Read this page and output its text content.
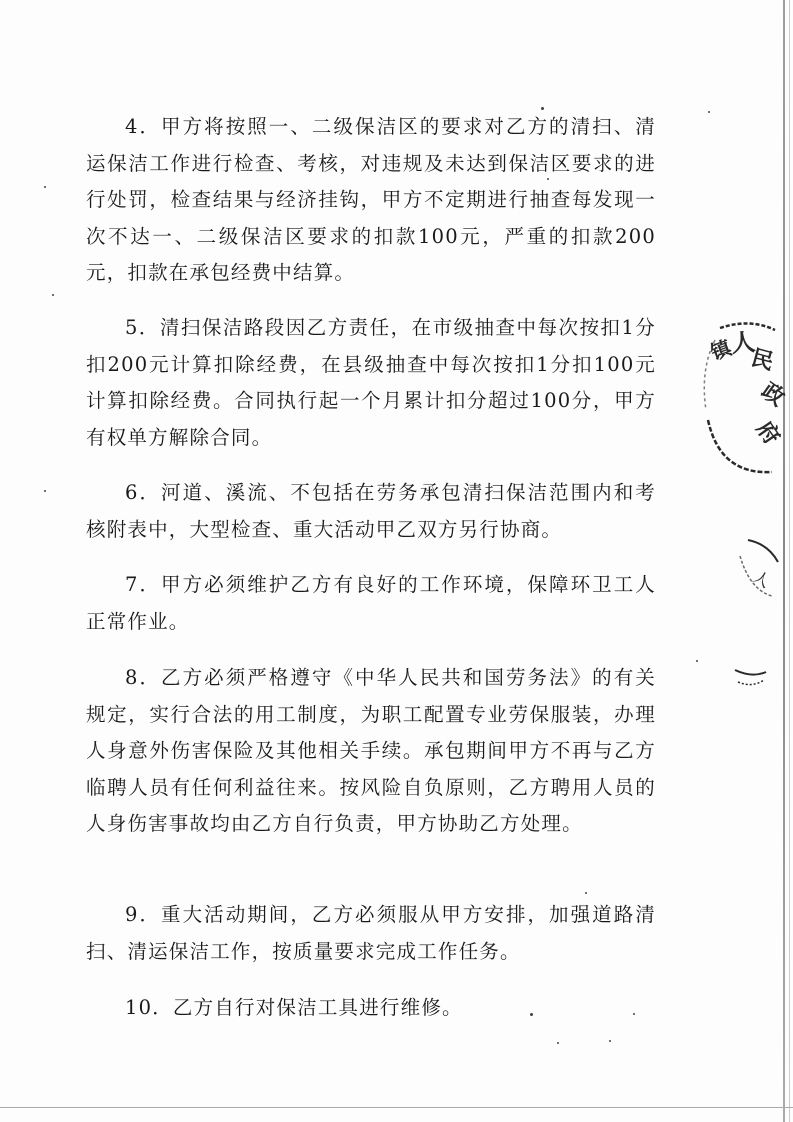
镇
人
民
政
府
人

4．甲方将按照一、二级保洁区的要求对乙方的清扫、清运保洁工作进行检查、考核，对违规及未达到保洁区要求的进行处罚，检查结果与经济挂钩，甲方不定期进行抽查每发现一次不达一、二级保洁区要求的扣款100元，严重的扣款200元，扣款在承包经费中结算。

5．清扫保洁路段因乙方责任，在市级抽查中每次按扣1分扣200元计算扣除经费，在县级抽查中每次按扣1分扣100元计算扣除经费。合同执行起一个月累计扣分超过100分，甲方有权单方解除合同。

6．河道、溪流、不包括在劳务承包清扫保洁范围内和考核附表中，大型检查、重大活动甲乙双方另行协商。

7．甲方必须维护乙方有良好的工作环境，保障环卫工人正常作业。

8．乙方必须严格遵守《中华人民共和国劳务法》的有关规定，实行合法的用工制度，为职工配置专业劳保服装，办理人身意外伤害保险及其他相关手续。承包期间甲方不再与乙方临聘人员有任何利益往来。按风险自负原则，乙方聘用人员的人身伤害事故均由乙方自行负责，甲方协助乙方处理。

9．重大活动期间，乙方必须服从甲方安排，加强道路清扫、清运保洁工作，按质量要求完成工作任务。

10．乙方自行对保洁工具进行维修。
